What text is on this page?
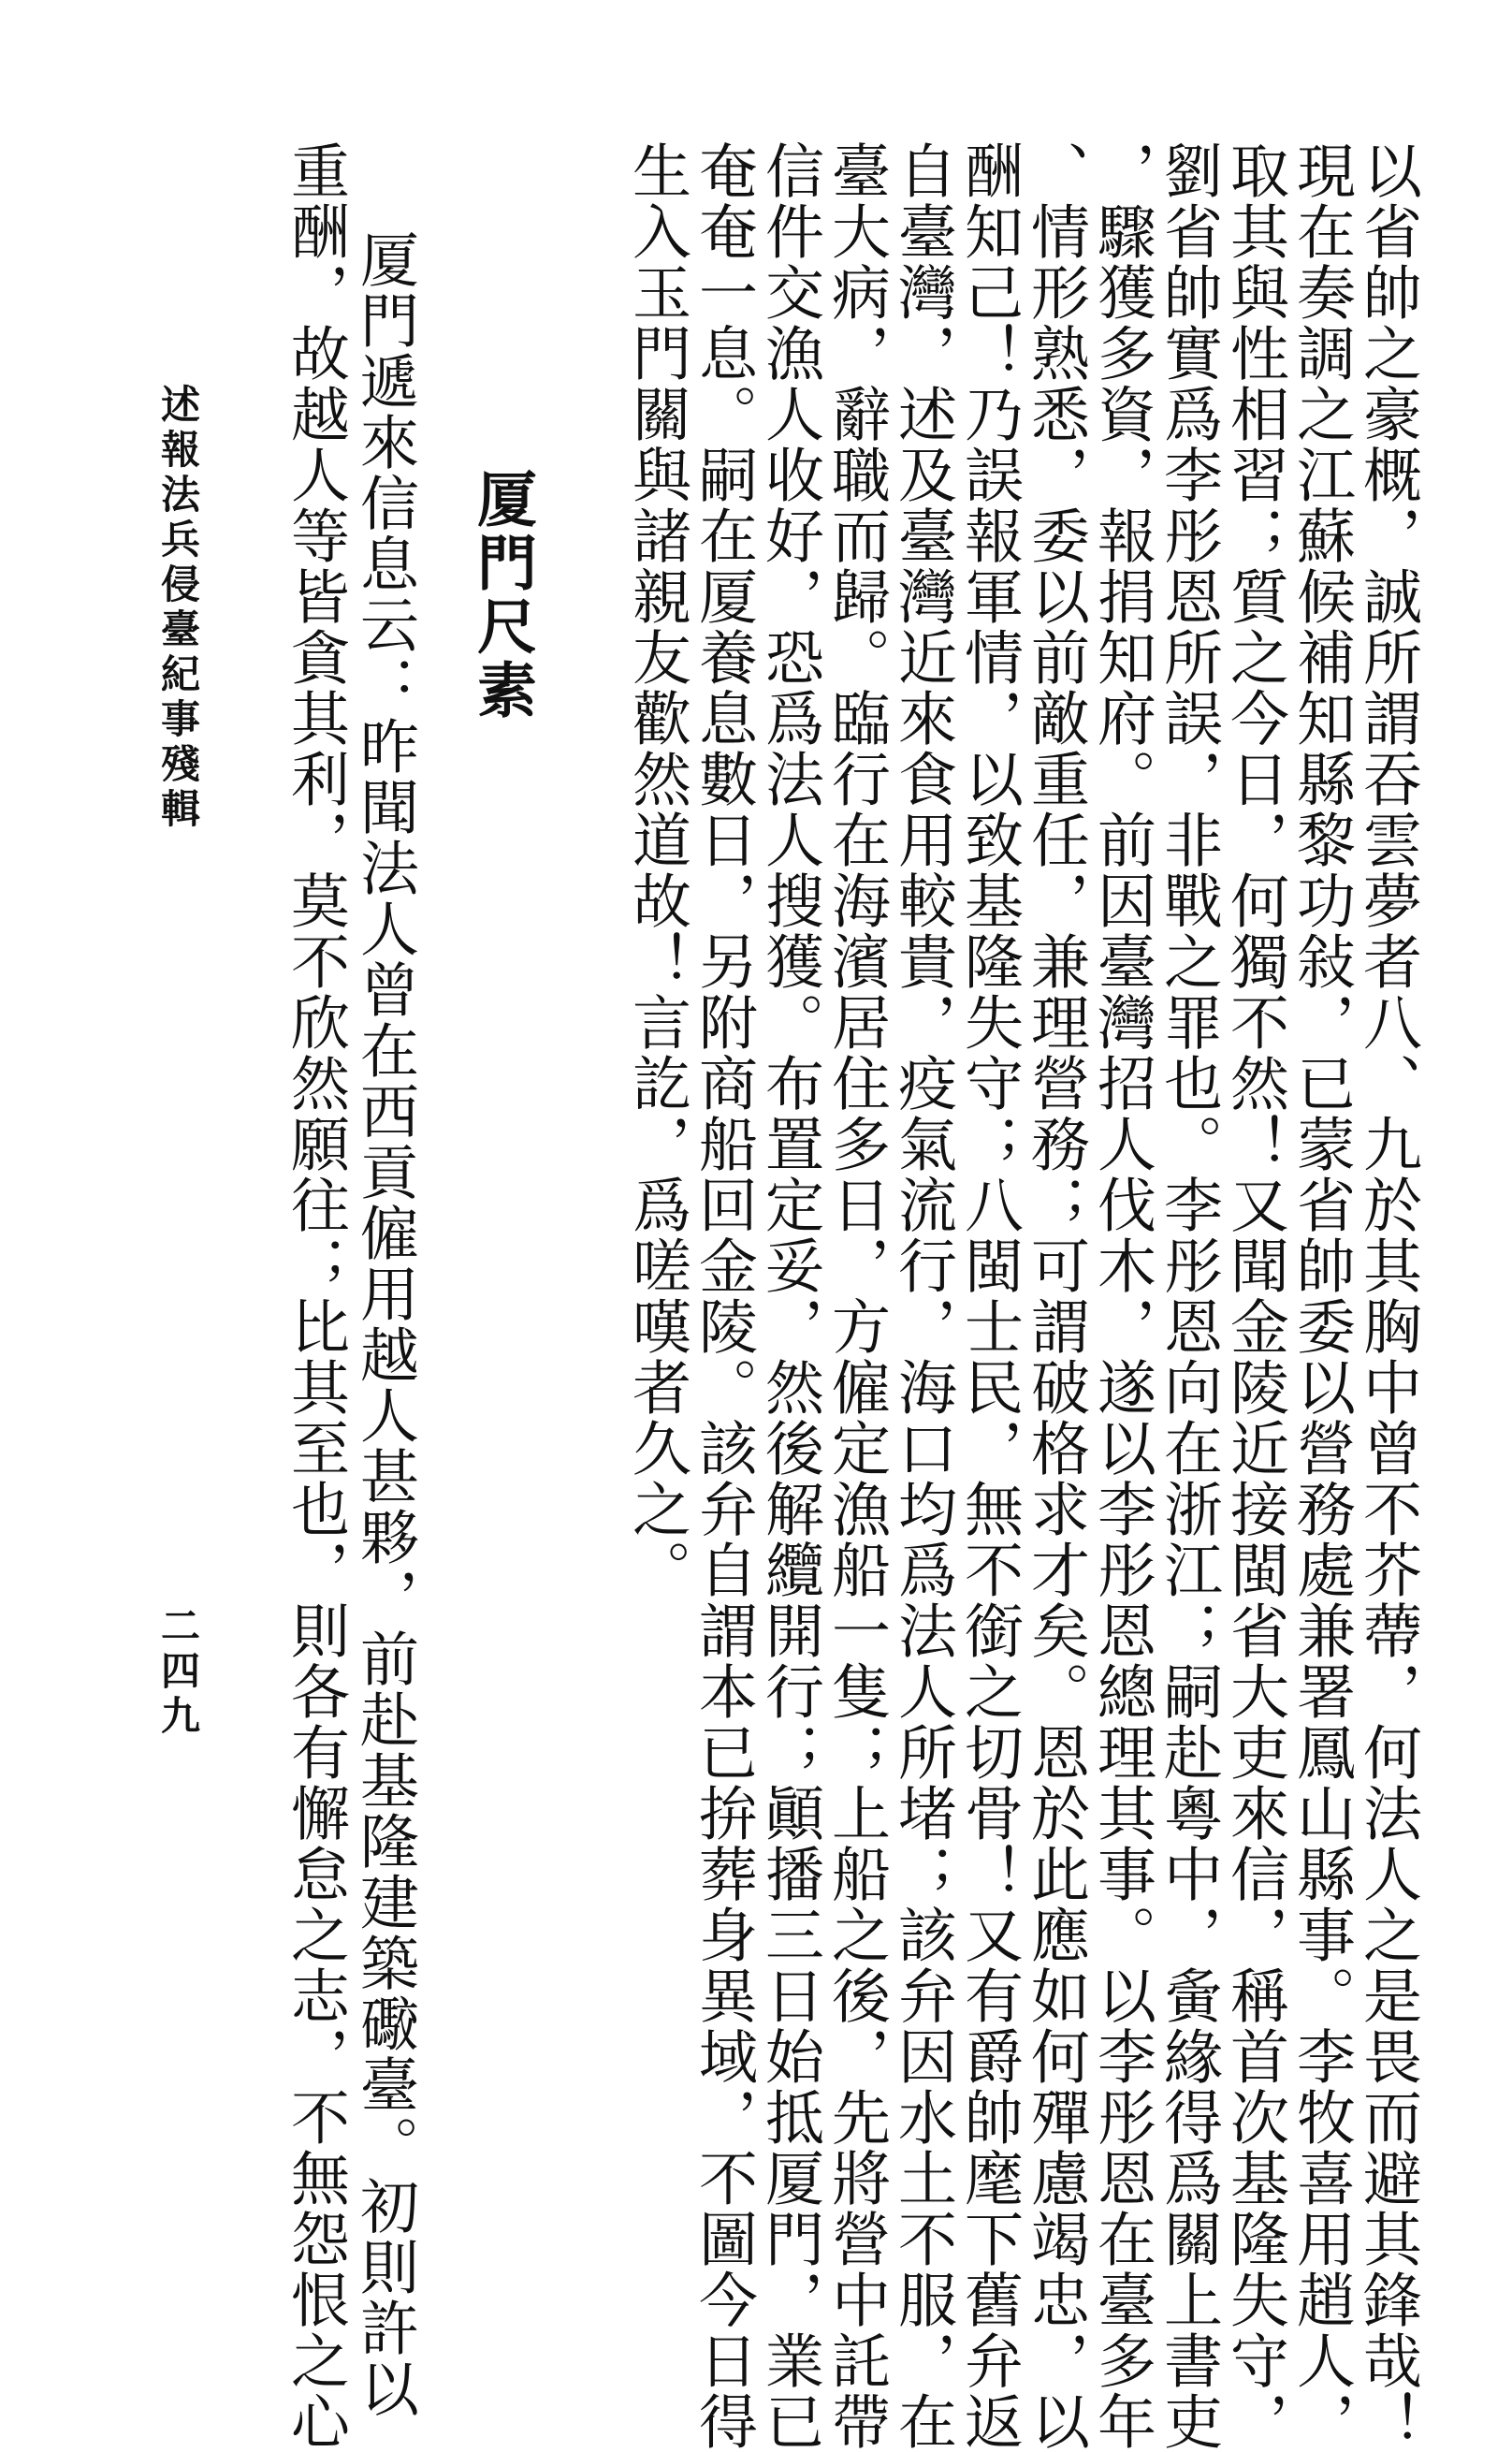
以省帥之豪概，誠所謂吞雲夢者八、九於其胸中曾不芥蔕，何法人之是畏而避其鋒哉！
現在奏調之江蘇候補知縣黎功敍，已蒙省帥委以營務處兼署鳳山縣事。李牧喜用趙人，
取其與性相習；質之今日，何獨不然！又聞金陵近接閩省大吏來信，稱首次基隆失守，
劉省帥實爲李彤恩所誤，非戰之罪也。李彤恩向在浙江；嗣赴粵中，夤緣得爲關上書吏
，驟獲多資，報捐知府。前因臺灣招人伐木，遂以李彤恩總理其事。以李彤恩在臺多年
、情形熟悉，委以前敵重任，兼理營務；可謂破格求才矣。恩於此應如何殫慮竭忠，以
酬知己！乃誤報軍情，以致基隆失守；八閩士民，無不銜之切骨！又有爵帥麾下舊弁返
自臺灣，述及臺灣近來食用較貴，疫氣流行，海口均爲法人所堵；該弁因水土不服，在
臺大病，辭職而歸。臨行在海濱居住多日，方僱定漁船一隻；上船之後，先將營中託帶
信件交漁人收好，恐爲法人搜獲。布置定妥，然後解纜開行；顚播三日始抵厦門，業已
奄奄一息。嗣在厦養息數日，另附商船回金陵。該弁自謂本已拚葬身異域，不圖今日得
生入玉門關與諸親友歡然道故！言訖，爲嗟嘆者久之。
厦門尺素
厦門遞來信息云：昨聞法人曾在西貢僱用越人甚夥，前赴基隆建築礮臺。初則許以
重酬，故越人等皆貪其利，莫不欣然願往；比其至也，則各有懈怠之志，不無怨恨之心
述報法兵侵臺紀事殘輯
二四九
